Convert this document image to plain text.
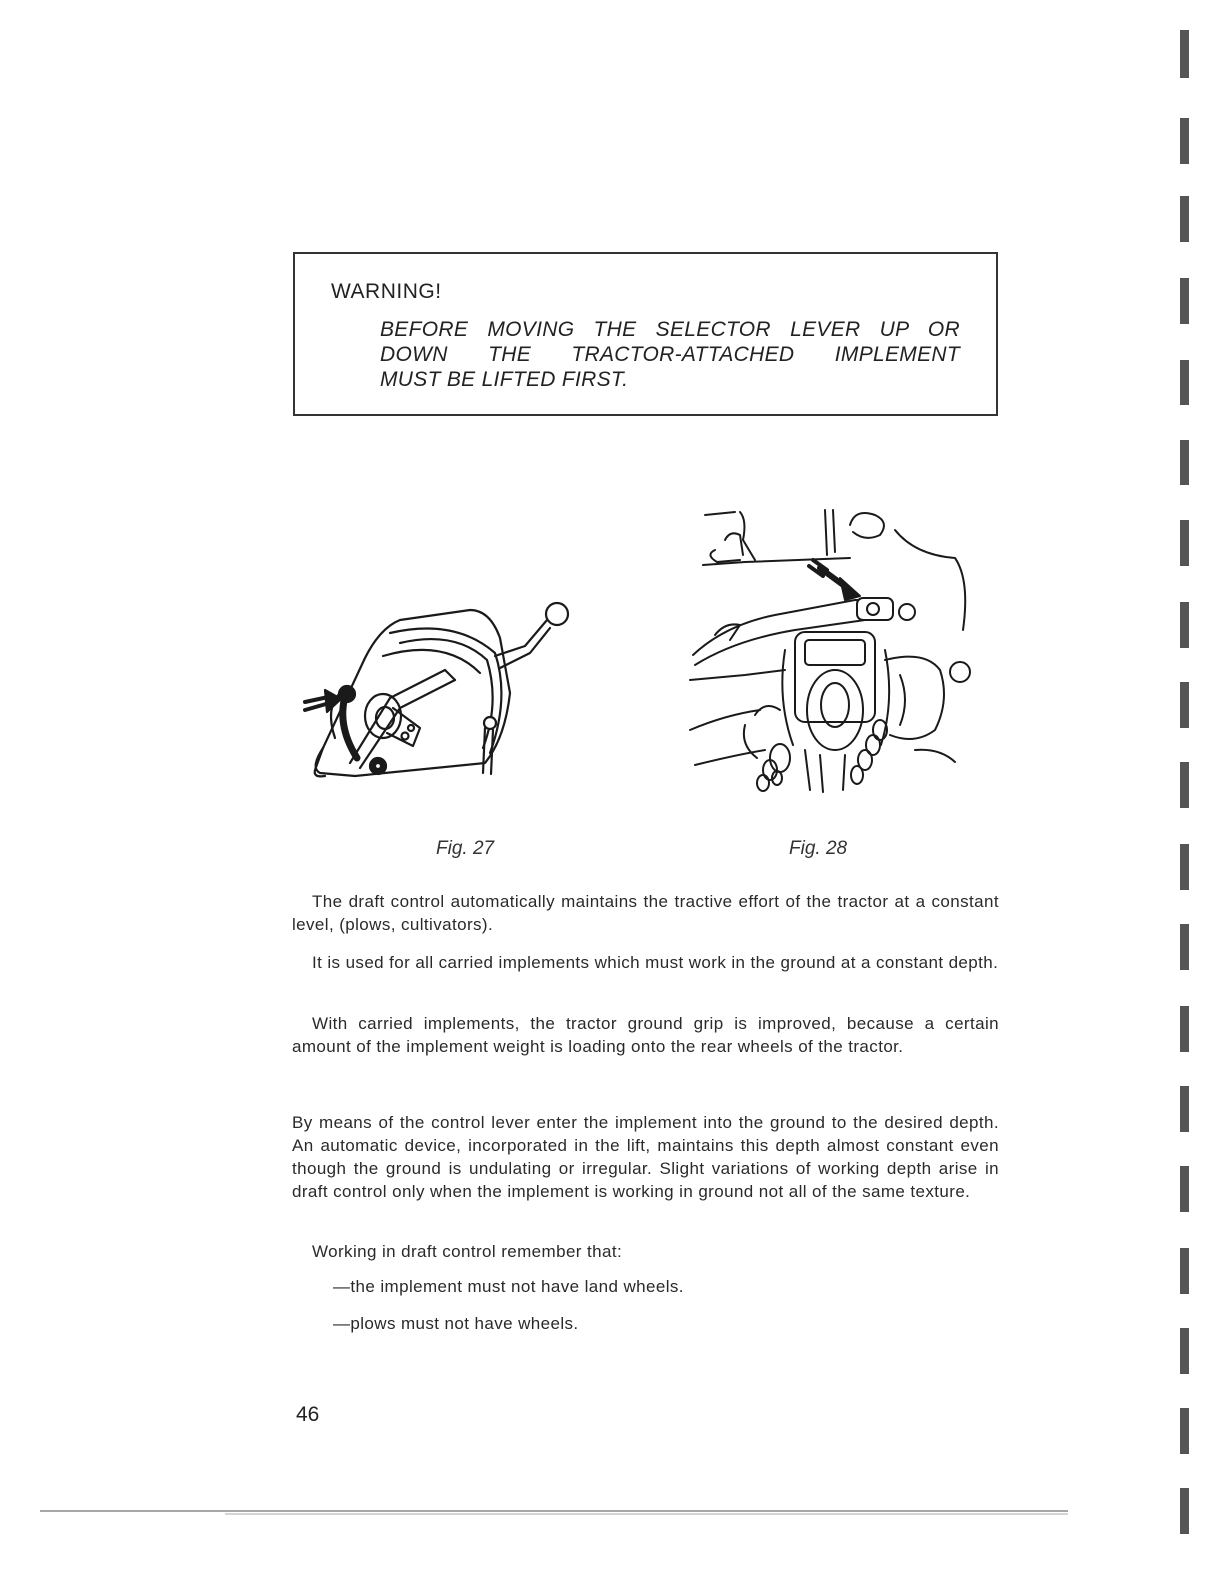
WARNING!
BEFORE MOVING THE SELECTOR LEVER UP OR
DOWN THE TRACTOR-ATTACHED IMPLEMENT
MUST BE LIFTED FIRST.
Fig. 27	Fig. 28

The draft control automatically maintains the tractive effort of the tractor at a constant level, (plows, cultivators).

It is used for all carried implements which must work in the ground at a constant depth.

With carried implements, the tractor ground grip is improved, because a certain amount of the implement weight is loading onto the rear wheels of the tractor.

By means of the control lever enter the implement into the ground to the desired depth. An automatic device, incorporated in the lift, maintains this depth almost constant even though the ground is undulating or irregular. Slight variations of working depth arise in draft control only when the implement is working in ground not all of the same texture.

Working in draft control remember that:

—the implement must not have land wheels.
—plows must not have wheels.
46
